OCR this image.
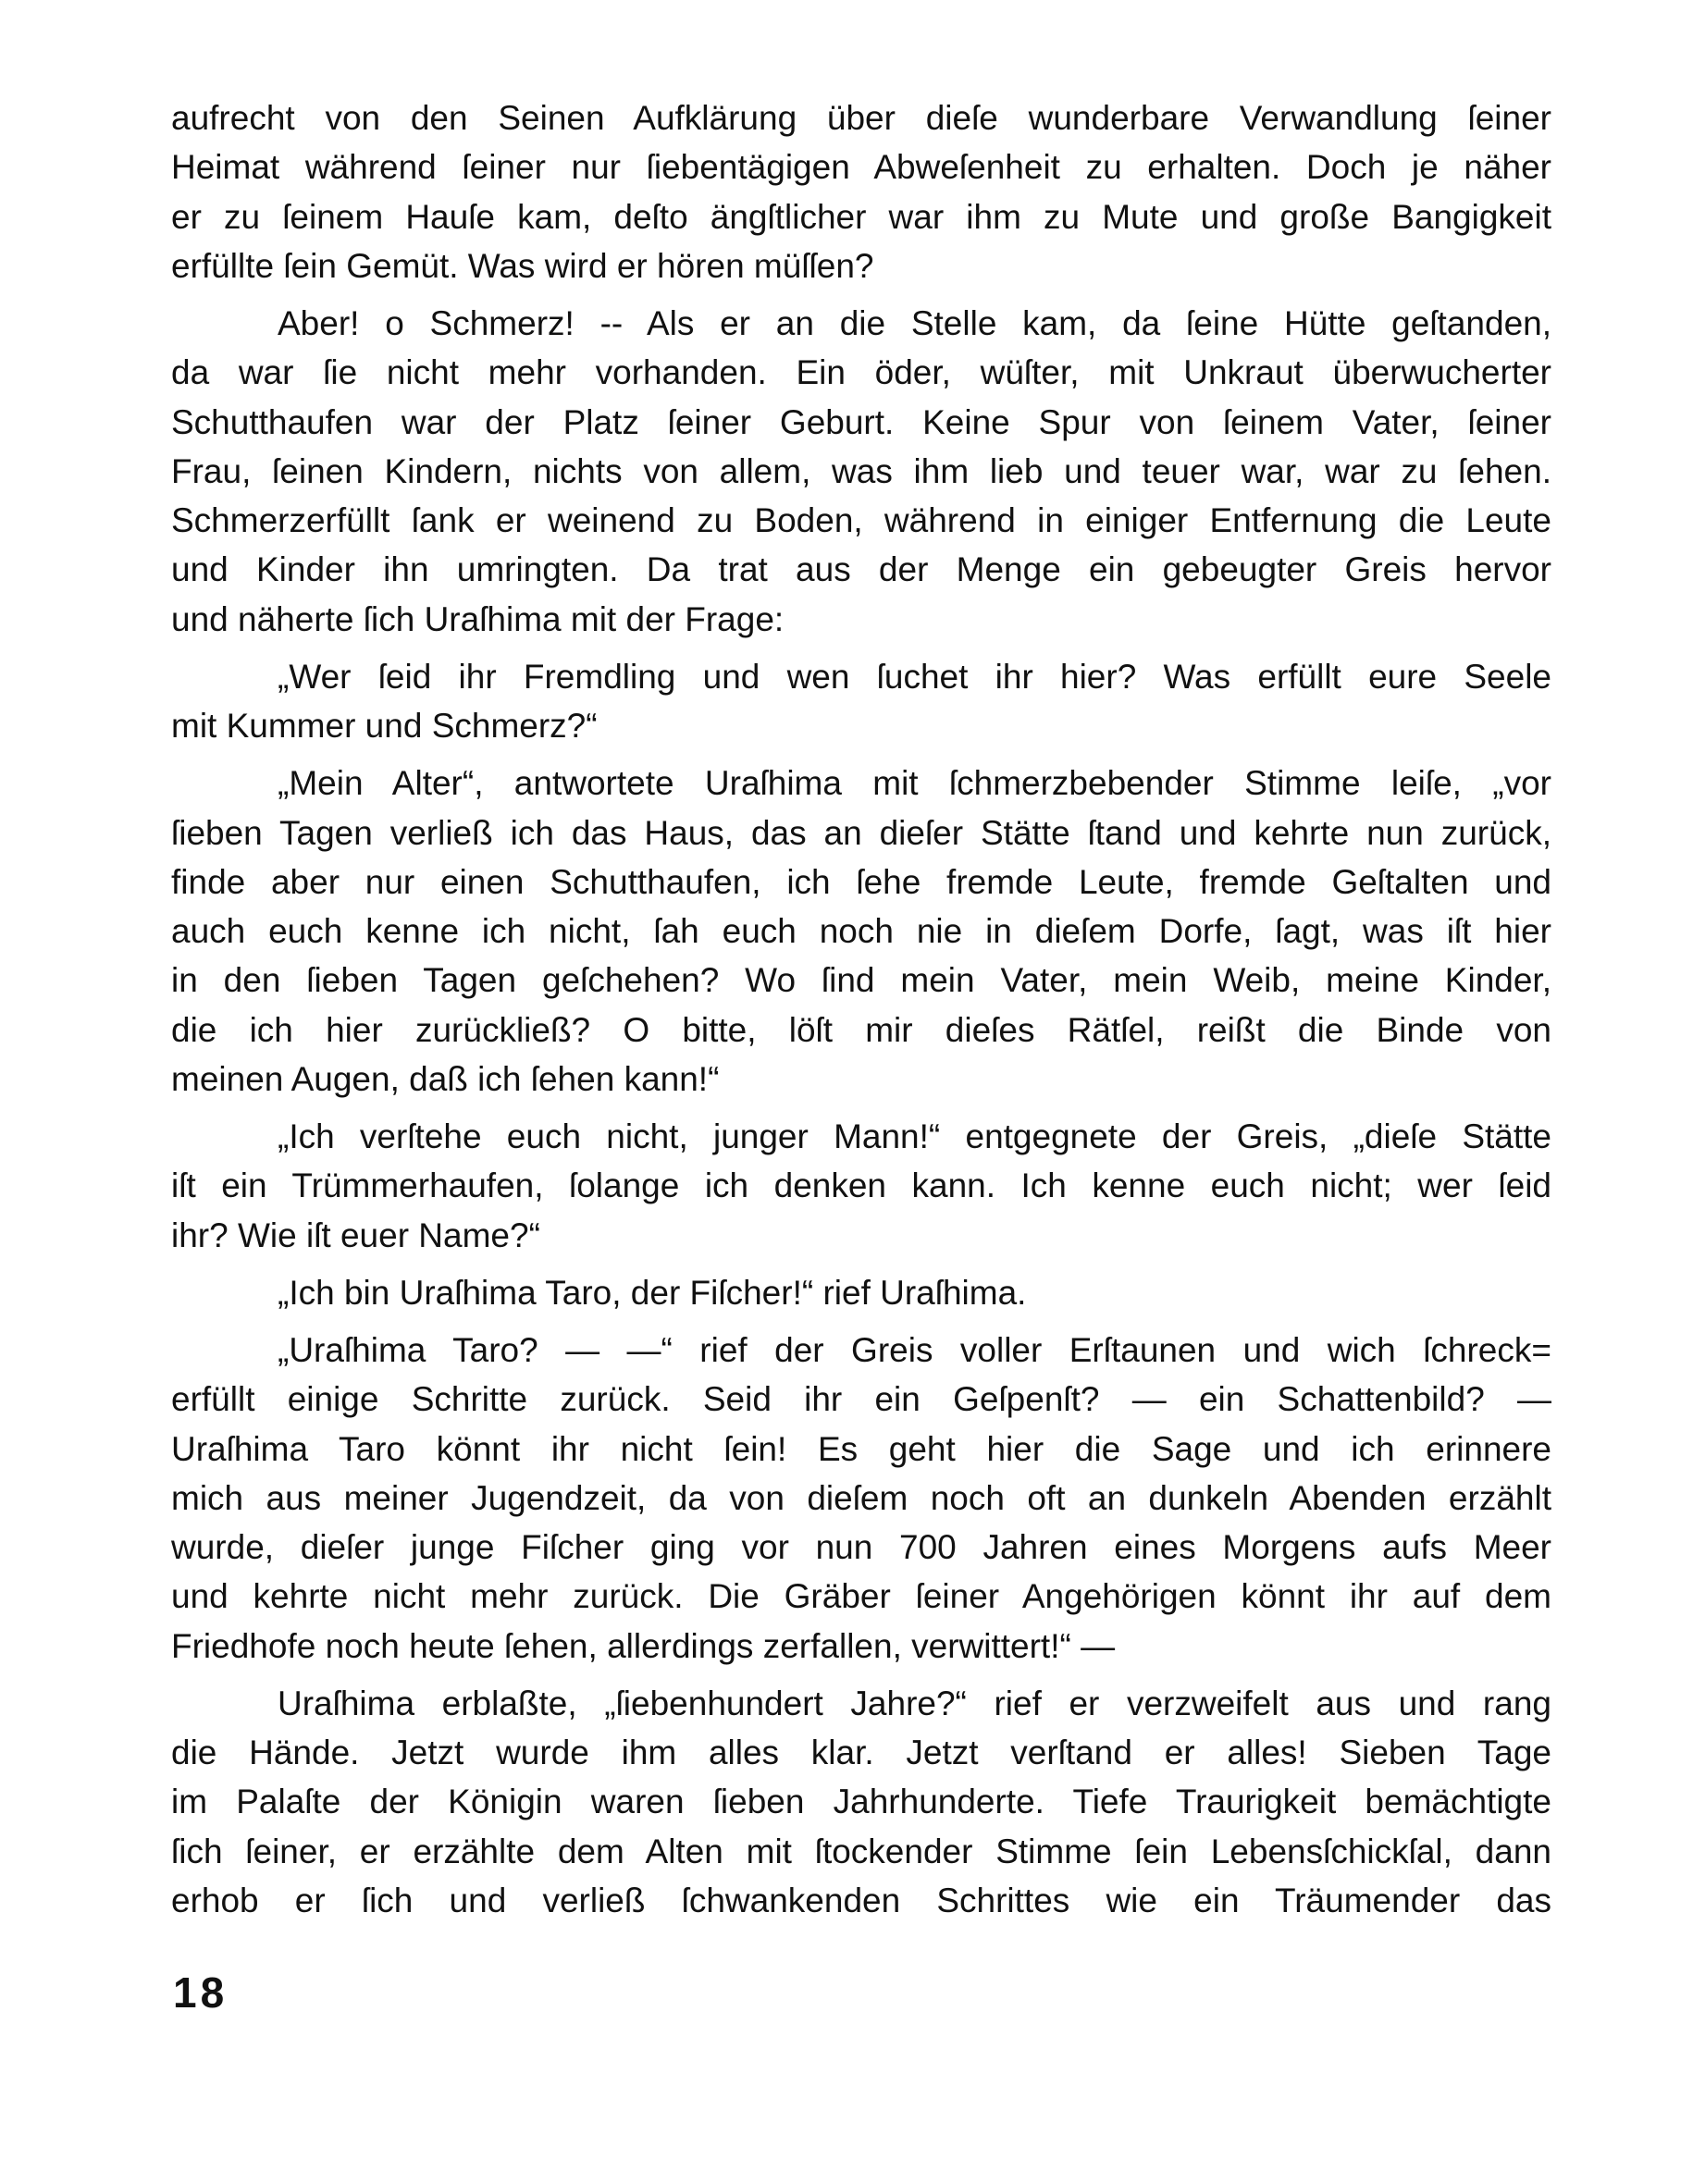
aufrecht von den Seinen Aufklärung über dieſe wunderbare Verwandlung ſeiner
Heimat während ſeiner nur ſiebentägigen Abweſenheit zu erhalten. Doch je näher
er zu ſeinem Hauſe kam, deſto ängſtlicher war ihm zu Mute und große Bangigkeit
erfüllte ſein Gemüt. Was wird er hören müſſen?
Aber! o Schmerz! -- Als er an die Stelle kam, da ſeine Hütte geſtanden,
da war ſie nicht mehr vorhanden. Ein öder, wüſter, mit Unkraut überwucherter
Schutthaufen war der Platz ſeiner Geburt. Keine Spur von ſeinem Vater, ſeiner
Frau, ſeinen Kindern, nichts von allem, was ihm lieb und teuer war, war zu ſehen.
Schmerzerfüllt ſank er weinend zu Boden, während in einiger Entfernung die Leute
und Kinder ihn umringten. Da trat aus der Menge ein gebeugter Greis hervor
und näherte ſich Uraſhima mit der Frage:
„Wer ſeid ihr Fremdling und wen ſuchet ihr hier? Was erfüllt eure Seele
mit Kummer und Schmerz?“
„Mein Alter“, antwortete Uraſhima mit ſchmerzbebender Stimme leiſe, „vor
ſieben Tagen verließ ich das Haus, das an dieſer Stätte ſtand und kehrte nun zurück,
finde aber nur einen Schutthaufen, ich ſehe fremde Leute, fremde Geſtalten und
auch euch kenne ich nicht, ſah euch noch nie in dieſem Dorfe, ſagt, was iſt hier
in den ſieben Tagen geſchehen? Wo ſind mein Vater, mein Weib, meine Kinder,
die ich hier zurückließ? O bitte, löſt mir dieſes Rätſel, reißt die Binde von
meinen Augen, daß ich ſehen kann!“
„Ich verſtehe euch nicht, junger Mann!“ entgegnete der Greis, „dieſe Stätte
iſt ein Trümmerhaufen, ſolange ich denken kann. Ich kenne euch nicht; wer ſeid
ihr? Wie iſt euer Name?“
„Ich bin Uraſhima Taro, der Fiſcher!“ rief Uraſhima.
„Uraſhima Taro? — —“ rief der Greis voller Erſtaunen und wich ſchreck=
erfüllt einige Schritte zurück. Seid ihr ein Geſpenſt? — ein Schattenbild? —
Uraſhima Taro könnt ihr nicht ſein! Es geht hier die Sage und ich erinnere
mich aus meiner Jugendzeit, da von dieſem noch oft an dunkeln Abenden erzählt
wurde, dieſer junge Fiſcher ging vor nun 700 Jahren eines Morgens aufs Meer
und kehrte nicht mehr zurück. Die Gräber ſeiner Angehörigen könnt ihr auf dem
Friedhofe noch heute ſehen, allerdings zerfallen, verwittert!“ —
Uraſhima erblaßte, „ſiebenhundert Jahre?“ rief er verzweifelt aus und rang
die Hände. Jetzt wurde ihm alles klar. Jetzt verſtand er alles! Sieben Tage
im Palaſte der Königin waren ſieben Jahrhunderte. Tiefe Traurigkeit bemächtigte
ſich ſeiner, er erzählte dem Alten mit ſtockender Stimme ſein Lebensſchickſal, dann
erhob er ſich und verließ ſchwankenden Schrittes wie ein Träumender das
18
